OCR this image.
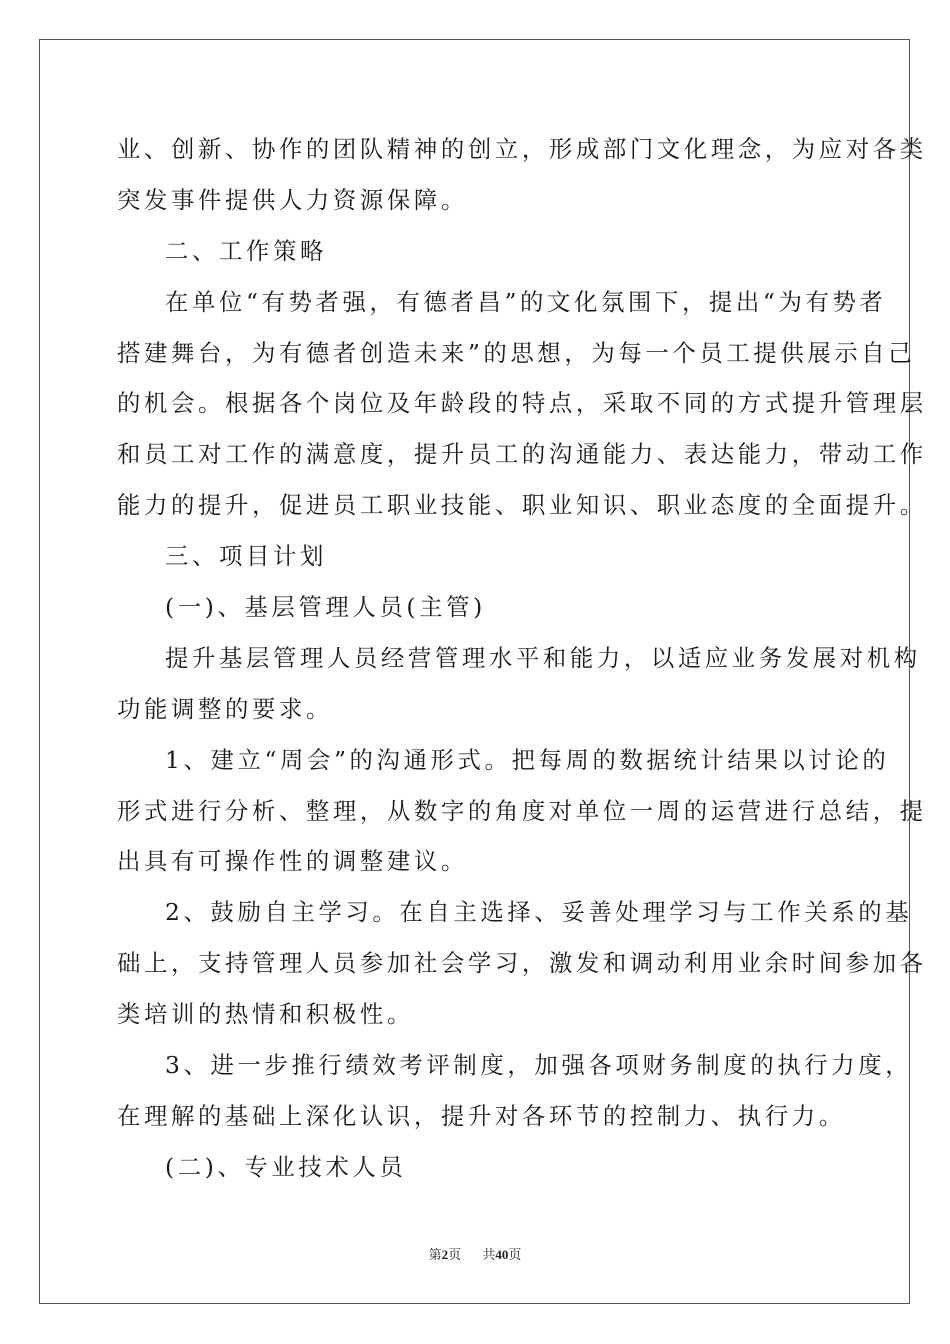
业、创新、协作的团队精神的创立，形成部门文化理念，为应对各类
突发事件提供人力资源保障。
二、工作策略
在单位“有势者强，有德者昌”的文化氛围下，提出“为有势者
搭建舞台，为有德者创造未来”的思想，为每一个员工提供展示自己
的机会。根据各个岗位及年龄段的特点，采取不同的方式提升管理层
和员工对工作的满意度，提升员工的沟通能力、表达能力，带动工作
能力的提升，促进员工职业技能、职业知识、职业态度的全面提升。
三、项目计划
(一)、基层管理人员(主管)
提升基层管理人员经营管理水平和能力，以适应业务发展对机构
功能调整的要求。
1、建立“周会”的沟通形式。把每周的数据统计结果以讨论的
形式进行分析、整理，从数字的角度对单位一周的运营进行总结，提
出具有可操作性的调整建议。
2、鼓励自主学习。在自主选择、妥善处理学习与工作关系的基
础上，支持管理人员参加社会学习，激发和调动利用业余时间参加各
类培训的热情和积极性。
3、进一步推行绩效考评制度，加强各项财务制度的执行力度，
在理解的基础上深化认识，提升对各环节的控制力、执行力。
(二)、专业技术人员
第2页 共40页
